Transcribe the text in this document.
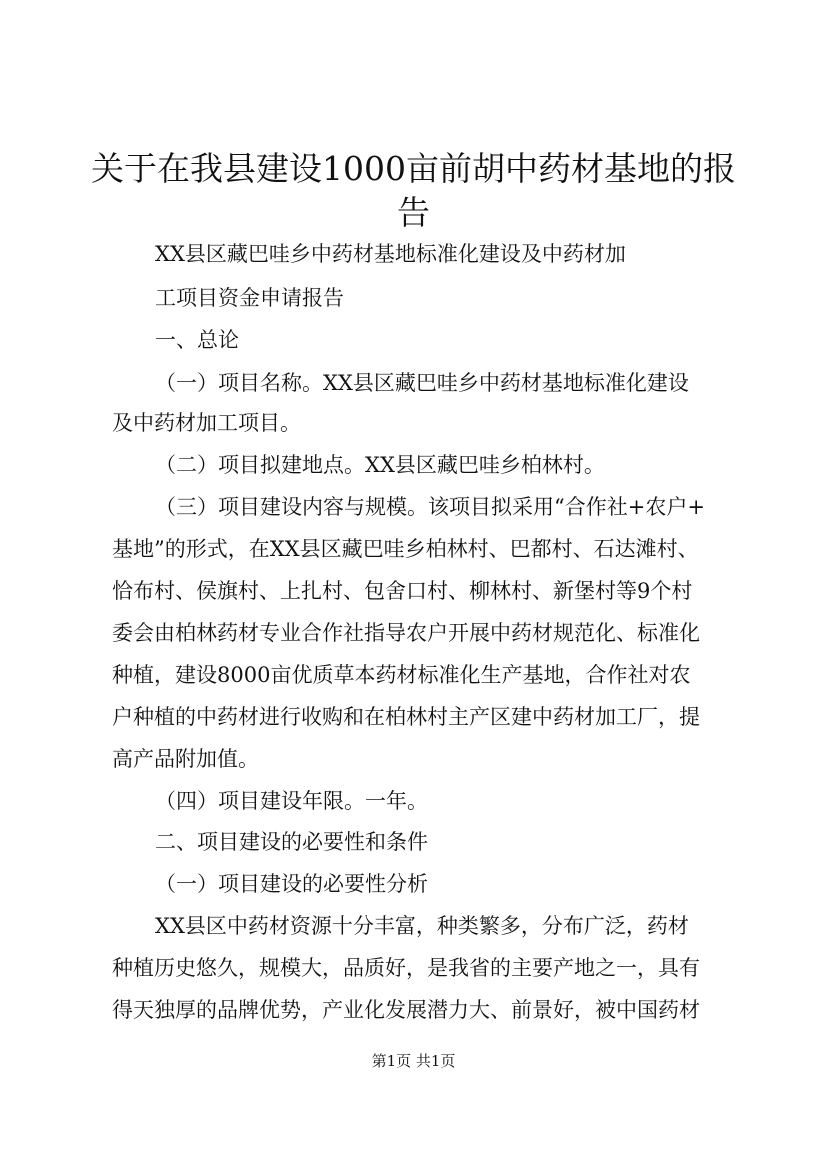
关于在我县建设1000亩前胡中药材基地的报
告

XX县区藏巴哇乡中药材基地标准化建设及中药材加

工项目资金申请报告

一、总论

（一）项目名称。XX县区藏巴哇乡中药材基地标准化建设

及中药材加工项目。

（二）项目拟建地点。XX县区藏巴哇乡柏林村。

（三）项目建设内容与规模。该项目拟采用“合作社+农户+

基地”的形式，在XX县区藏巴哇乡柏林村、巴都村、石达滩村、

恰布村、侯旗村、上扎村、包舍口村、柳林村、新堡村等9个村

委会由柏林药材专业合作社指导农户开展中药材规范化、标准化

种植，建设8000亩优质草本药材标准化生产基地，合作社对农

户种植的中药材进行收购和在柏林村主产区建中药材加工厂，提

高产品附加值。

（四）项目建设年限。一年。

二、项目建设的必要性和条件

（一）项目建设的必要性分析

XX县区中药材资源十分丰富，种类繁多，分布广泛，药材

种植历史悠久，规模大，品质好，是我省的主要产地之一，具有

得天独厚的品牌优势，产业化发展潜力大、前景好，被中国药材

第1页 共1页
